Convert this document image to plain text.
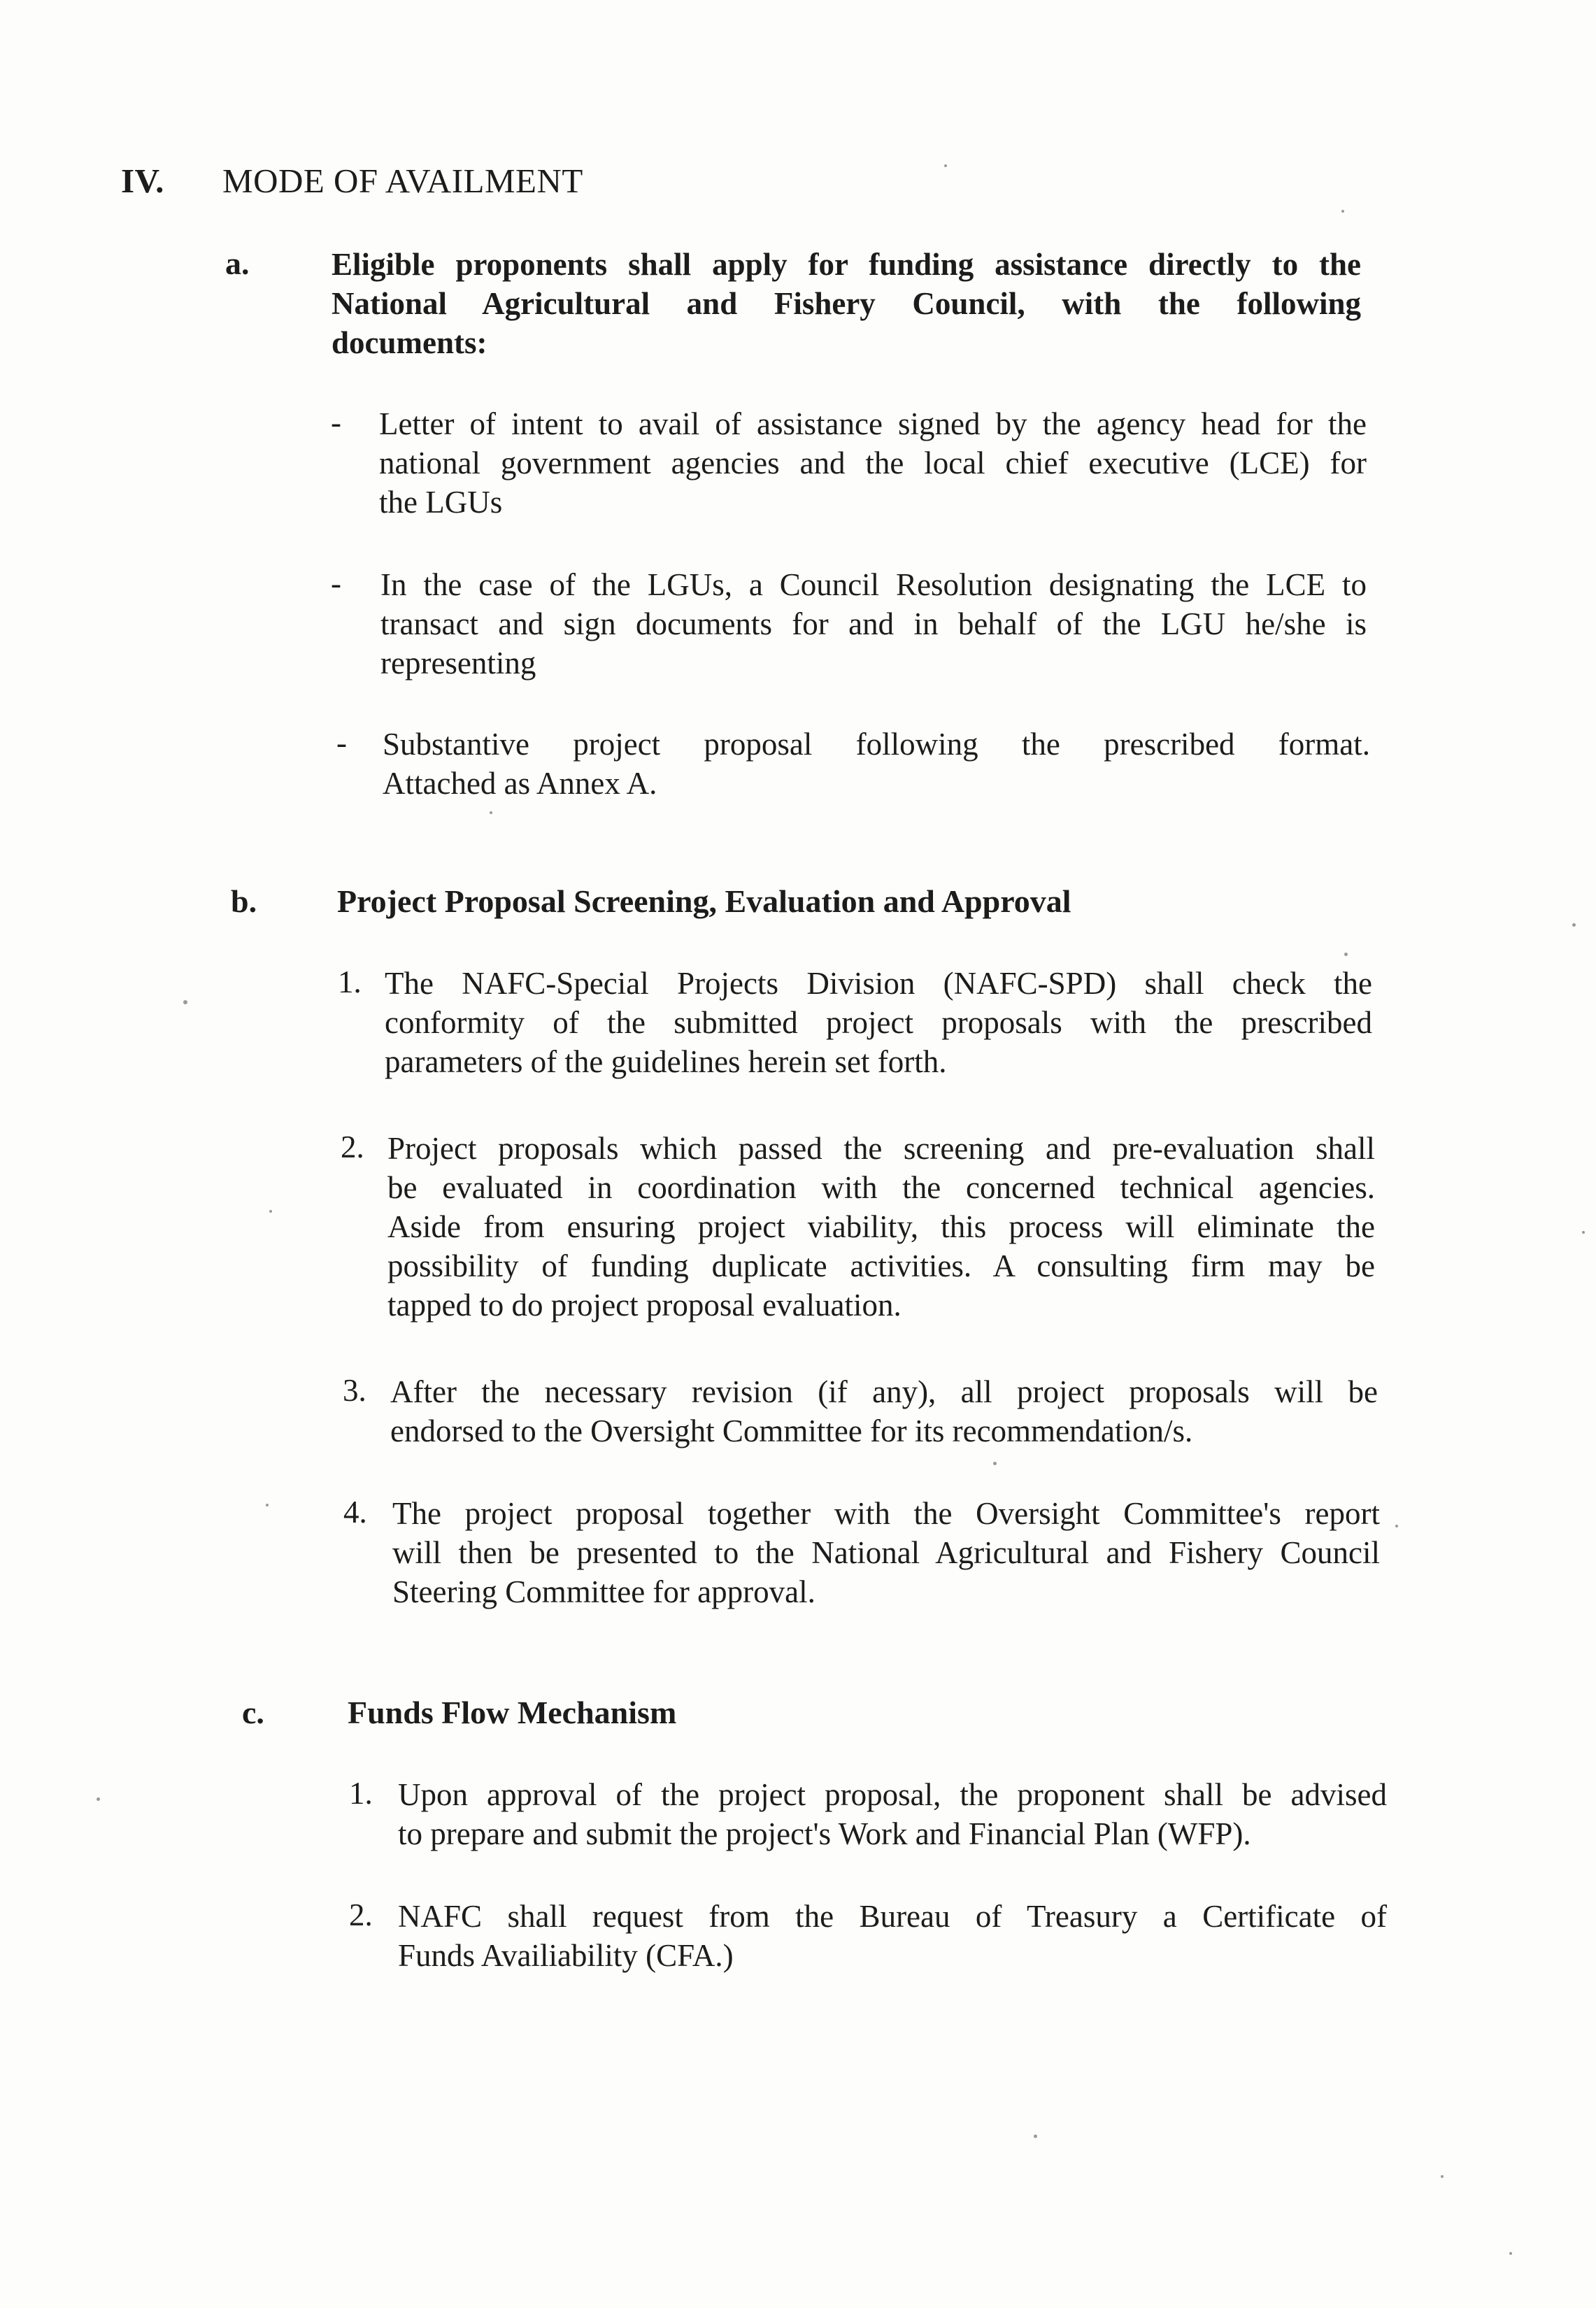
IV. MODE OF AVAILMENT
a.	Eligible proponents shall apply for funding assistance directly to the
National Agricultural and Fishery Council, with the following
documents:
- Letter of intent to avail of assistance signed by the agency head for the
national government agencies and the local chief executive (LCE) for
the LGUs
- In the case of the LGUs, a Council Resolution designating the LCE to
transact and sign documents for and in behalf of the LGU he/she is
representing
- Substantive project proposal following the prescribed format.
Attached as Annex A.
b. Project Proposal Screening, Evaluation and Approval
1. The NAFC-Special Projects Division (NAFC-SPD) shall check the
conformity of the submitted project proposals with the prescribed
parameters of the guidelines herein set forth.
2. Project proposals which passed the screening and pre-evaluation shall
be evaluated in coordination with the concerned technical agencies.
Aside from ensuring project viability, this process will eliminate the
possibility of funding duplicate activities. A consulting firm may be
tapped to do project proposal evaluation.
3. After the necessary revision (if any), all project proposals will be
endorsed to the Oversight Committee for its recommendation/s.
4. The project proposal together with the Oversight Committee's report
will then be presented to the National Agricultural and Fishery Council
Steering Committee for approval.
c.	Funds Flow Mechanism
1. Upon approval of the project proposal, the proponent shall be advised
to prepare and submit the project's Work and Financial Plan (WFP).
2. NAFC shall request from the Bureau of Treasury a Certificate of
Funds Availiability (CFA.)
